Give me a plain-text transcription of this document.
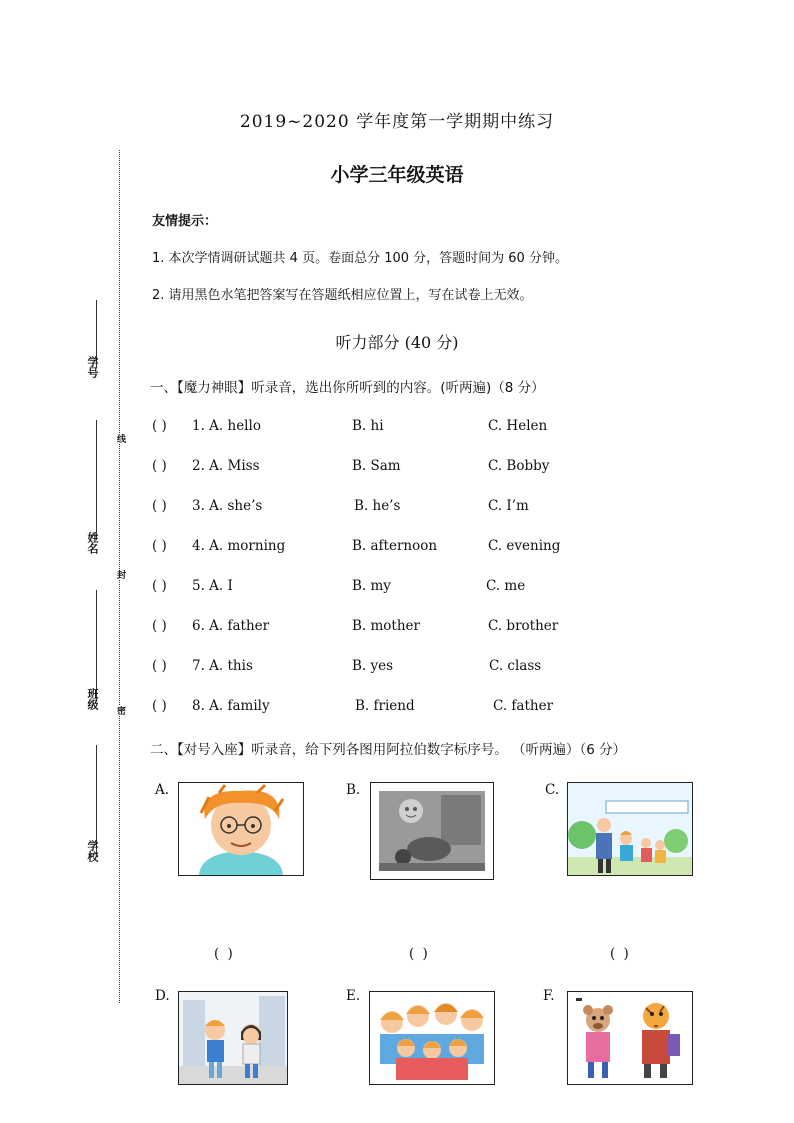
学号
姓名
班级
学校
线
封
密
2019~2020 学年度第一学期期中练习
小学三年级英语
友情提示：
1. 本次学情调研试题共 4 页。卷面总分 100 分，答题时间为 60 分钟。
2. 请用黑色水笔把答案写在答题纸相应位置上，写在试卷上无效。
听力部分 (40 分)
一、【魔力神眼】听录音，选出你所听到的内容。(听两遍)（8 分）
( ) 1. A. hello	B. hi	C. Helen
( ) 2. A. Miss	B. Sam	C. Bobby
( ) 3. A. she’s	B. he’s	C. I’m
( ) 4. A. morning	B. afternoon	C. evening
( ) 5. A. I	B. my	C. me
( ) 6. A. father	B. mother	C. brother
( ) 7. A. this	B. yes	C. class
( ) 8. A. family	B. friend	C. father
二、【对号入座】听录音，给下列各图用阿拉伯数字标序号。 （听两遍）（6 分）
A.	B.	C.
( )	( )	( )
D.	E.	F.
